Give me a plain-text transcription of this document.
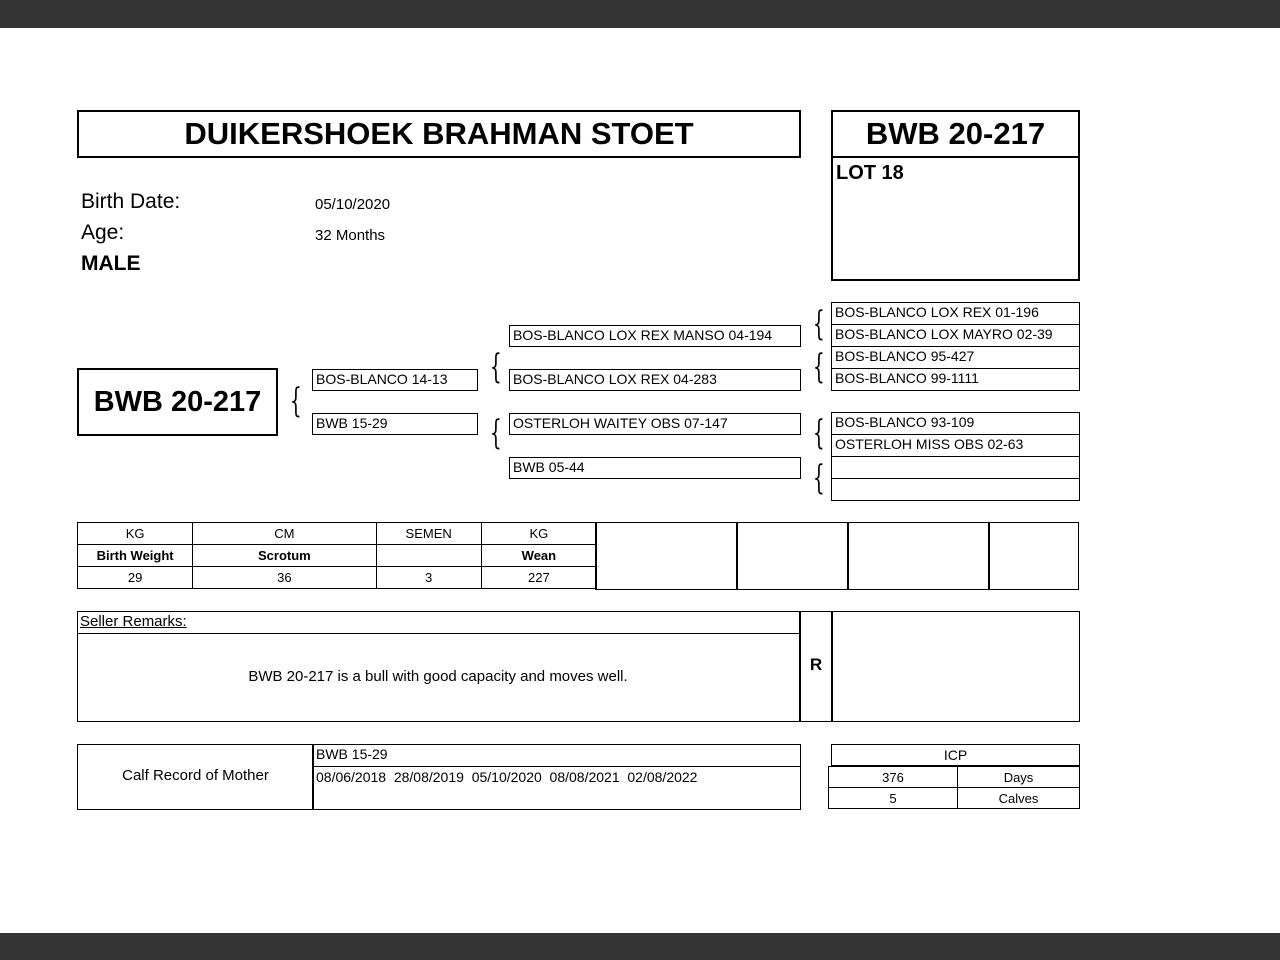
DUIKERSHOEK BRAHMAN STOET	BWB 20-217
LOT 18
Birth Date:	05/10/2020
Age:	32 Months
MALE
BWB 20-217 {
{
{
{
{
{
{
BOS-BLANCO 14-13
BWB 15-29
BOS-BLANCO LOX REX MANSO 04-194
BOS-BLANCO LOX REX 04-283
OSTERLOH WAITEY OBS 07-147
BWB 05-44
BOS-BLANCO LOX REX 01-196
BOS-BLANCO LOX MAYRO 02-39
BOS-BLANCO 95-427
BOS-BLANCO 99-1111
BOS-BLANCO 93-109
OSTERLOH MISS OBS 02-63
KG	CM	SEMEN	KG
Birth Weight	Scrotum		Wean
29	36	3	227
Seller Remarks:
BWB 20-217 is a bull with good capacity and moves well.
R
Calf Record of Mother
BWB 15-29
08/06/2018  28/08/2019  05/10/2020  08/08/2021  02/08/2022
ICP
376	Days
5	Calves
